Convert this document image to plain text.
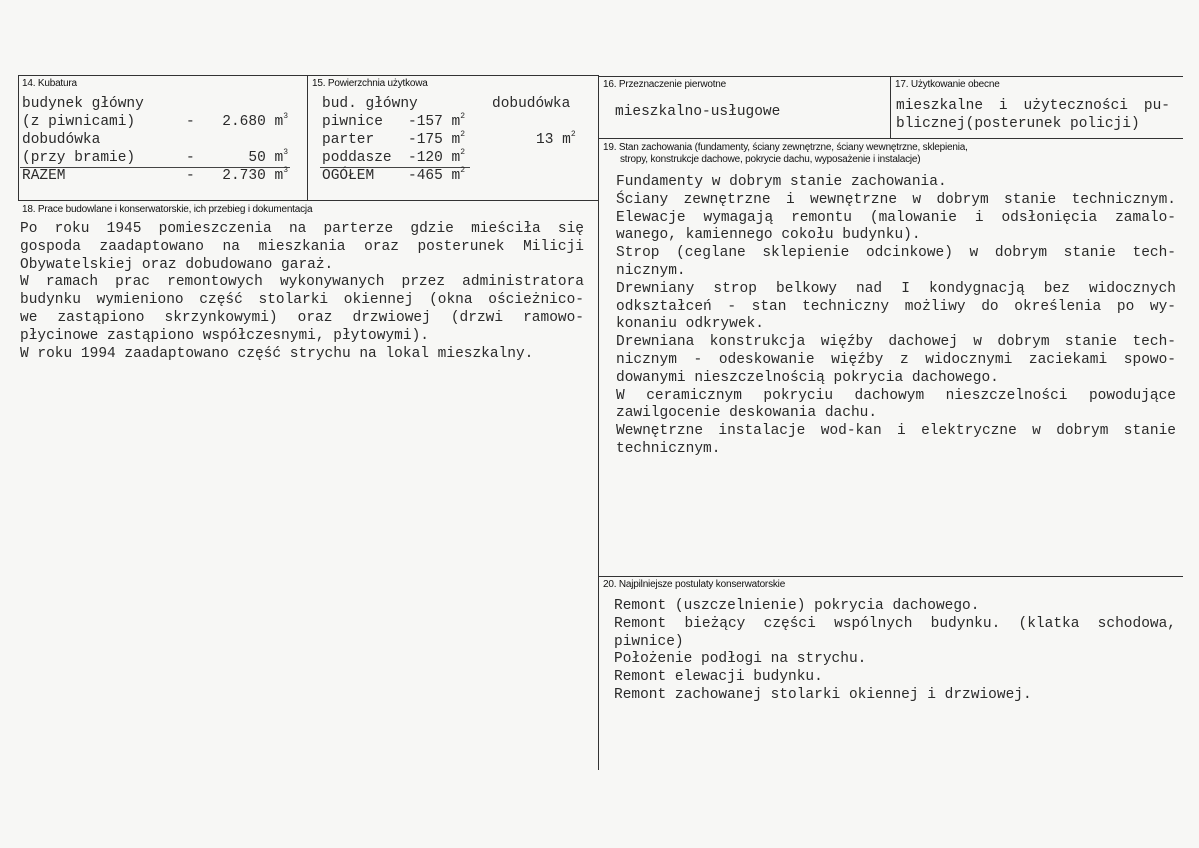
14. Kubatura
budynek główny
(z piwnicami)	- 2.680 $m^3$
dobudówka
(przy bramie)	-	50 $m^3$
RAZEM	- 2.730 $m^3$
15. Powierzchnia użytkowa
bud. główny	dobudówka
piwnice -157 $m^2$
parter -175 $m^2$	13 $m^2$
poddasze -120 $m^2$
OGÓŁEM -465 $m^2$
16. Przeznaczenie pierwotne
mieszkalno-usługowe
17. Użytkowanie obecne
mieszkalne i użyteczności pu-
blicznej(posterunek policji)
18. Prace budowlane i konserwatorskie, ich przebieg i dokumentacja
Po roku 1945 pomieszczenia na parterze gdzie mieściła się
gospoda zaadaptowano na mieszkania oraz posterunek Milicji
Obywatelskiej oraz dobudowano garaż.
W ramach prac remontowych wykonywanych przez administratora
budynku wymieniono część stolarki okiennej (okna ościeżnico-
we zastąpiono skrzynkowymi) oraz drzwiowej (drzwi ramowo-
płycinowe zastąpiono współczesnymi, płytowymi).
W roku 1994 zaadaptowano część strychu na lokal mieszkalny.
19. Stan zachowania (fundamenty, ściany zewnętrzne, ściany wewnętrzne, sklepienia,
stropy, konstrukcje dachowe, pokrycie dachu, wyposażenie i instalacje)
Fundamenty w dobrym stanie zachowania.
Ściany zewnętrzne i wewnętrzne w dobrym stanie technicznym.
Elewacje wymagają remontu (malowanie i odsłonięcia zamalo-
wanego, kamiennego cokołu budynku).
Strop (ceglane sklepienie odcinkowe) w dobrym stanie tech-
nicznym.
Drewniany strop belkowy nad I kondygnacją bez widocznych
odkształceń - stan techniczny możliwy do określenia po wy-
konaniu odkrywek.
Drewniana konstrukcja więźby dachowej w dobrym stanie tech-
nicznym - odeskowanie więźby z widocznymi zaciekami spowo-
dowanymi nieszczelnością pokrycia dachowego.
W ceramicznym pokryciu dachowym nieszczelności powodujące
zawilgocenie deskowania dachu.
Wewnętrzne instalacje wod-kan i elektryczne w dobrym stanie
technicznym.
20. Najpilniejsze postulaty konserwatorskie
Remont (uszczelnienie) pokrycia dachowego.
Remont bieżący części wspólnych budynku. (klatka schodowa,
piwnice)
Położenie podłogi na strychu.
Remont elewacji budynku.
Remont zachowanej stolarki okiennej i drzwiowej.
